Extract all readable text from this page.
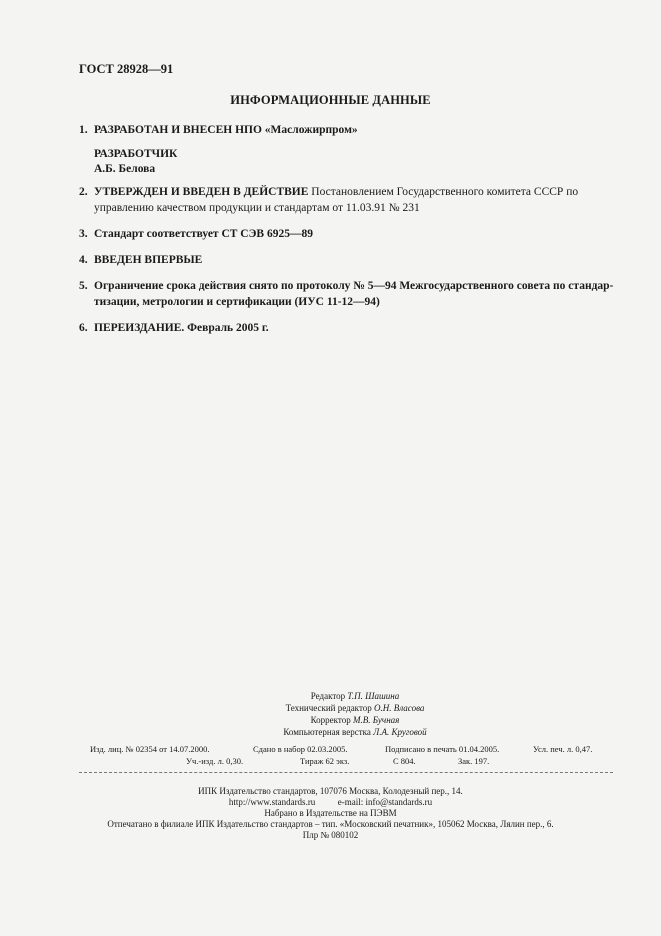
ГОСТ 28928—91
ИНФОРМАЦИОННЫЕ ДАННЫЕ
1. РАЗРАБОТАН И ВНЕСЕН НПО «Масложирпром»
РАЗРАБОТЧИК
А.Б. Белова
2. УТВЕРЖДЕН И ВВЕДЕН В ДЕЙСТВИЕ Постановлением Государственного комитета СССР по
управлению качеством продукции и стандартам от 11.03.91 № 231
3. Стандарт соответствует СТ СЭВ 6925—89
4. ВВЕДЕН ВПЕРВЫЕ
5. Ограничение срока действия снято по протоколу № 5—94 Межгосударственного совета по стандар-
тизации, метрологии и сертификации (ИУС 11-12—94)
6. ПЕРЕИЗДАНИЕ. Февраль 2005 г.
Редактор Т.П. Шашина
Технический редактор О.Н. Власова
Корректор М.В. Бучная
Компьютерная верстка Л.А. Круговой
Изд. лиц. № 02354 от 14.07.2000.	Сдано в набор 02.03.2005.	Подписано в печать 01.04.2005.	Усл. печ. л. 0,47.
Уч.-изд. л. 0,30.	Тираж 62 экз.	С 804.	Зак. 197.
ИПК Издательство стандартов, 107076 Москва, Колодезный пер., 14.
http://www.standards.ru          e-mail: info@standards.ru
Набрано в Издательстве на ПЭВМ
Отпечатано в филиале ИПК Издательство стандартов – тип. «Московский печатник», 105062 Москва, Лялин пер., 6.
Плр № 080102
